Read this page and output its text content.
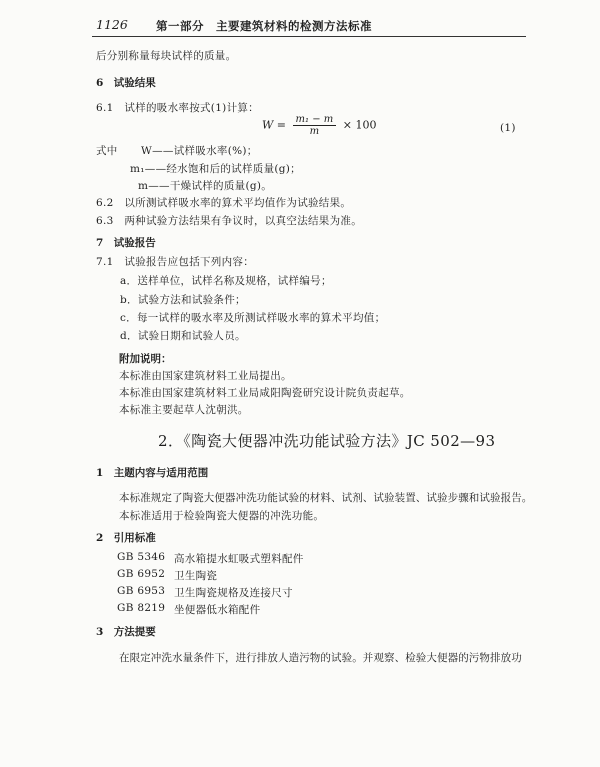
1126 第一部分　主要建筑材料的检测方法标准
后分别称量每块试样的质量。
6　试验结果
6.1　试样的吸水率按式(1)计算：
$W = \frac{\text{m₁ − m}}{m} \times 100$	(1)
式中 W——试样吸水率(%)；
m₁——经水饱和后的试样质量(g)；
m——干燥试样的质量(g)。
6.2　以所测试样吸水率的算术平均值作为试验结果。
6.3　两种试验方法结果有争议时，以真空法结果为准。
7　试验报告
7.1　试验报告应包括下列内容：
a．送样单位，试样名称及规格，试样编号；
b．试验方法和试验条件；
c．每一试样的吸水率及所测试样吸水率的算术平均值；
d．试验日期和试验人员。
附加说明：
本标准由国家建筑材料工业局提出。
本标准由国家建筑材料工业局咸阳陶瓷研究设计院负责起草。
本标准主要起草人沈朝洪。
2．《陶瓷大便器冲洗功能试验方法》JC 502—93
1　主题内容与适用范围
本标准规定了陶瓷大便器冲洗功能试验的材料、试剂、试验装置、试验步骤和试验报告。
本标准适用于检验陶瓷大便器的冲洗功能。
2　引用标准
GB 5346 高水箱提水虹吸式塑料配件
GB 6952 卫生陶瓷
GB 6953 卫生陶瓷规格及连接尺寸
GB 8219 坐便器低水箱配件
3　方法提要
在限定冲洗水量条件下，进行排放人造污物的试验。并观察、检验大便器的污物排放功
